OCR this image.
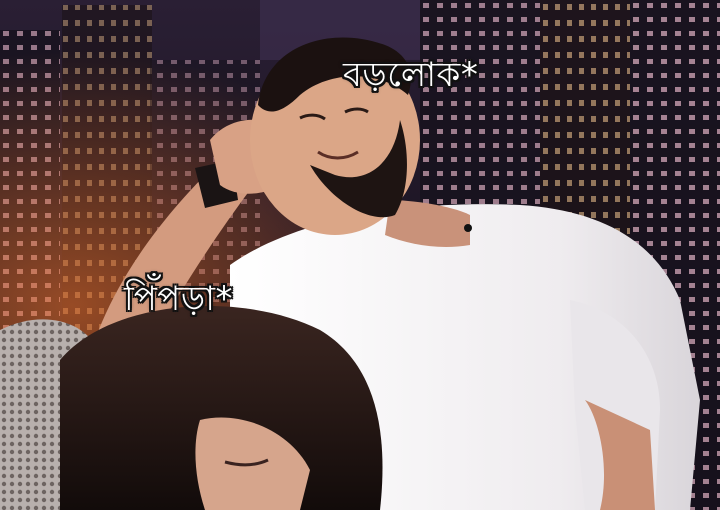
বড়লোক*
পিঁপড়া*
